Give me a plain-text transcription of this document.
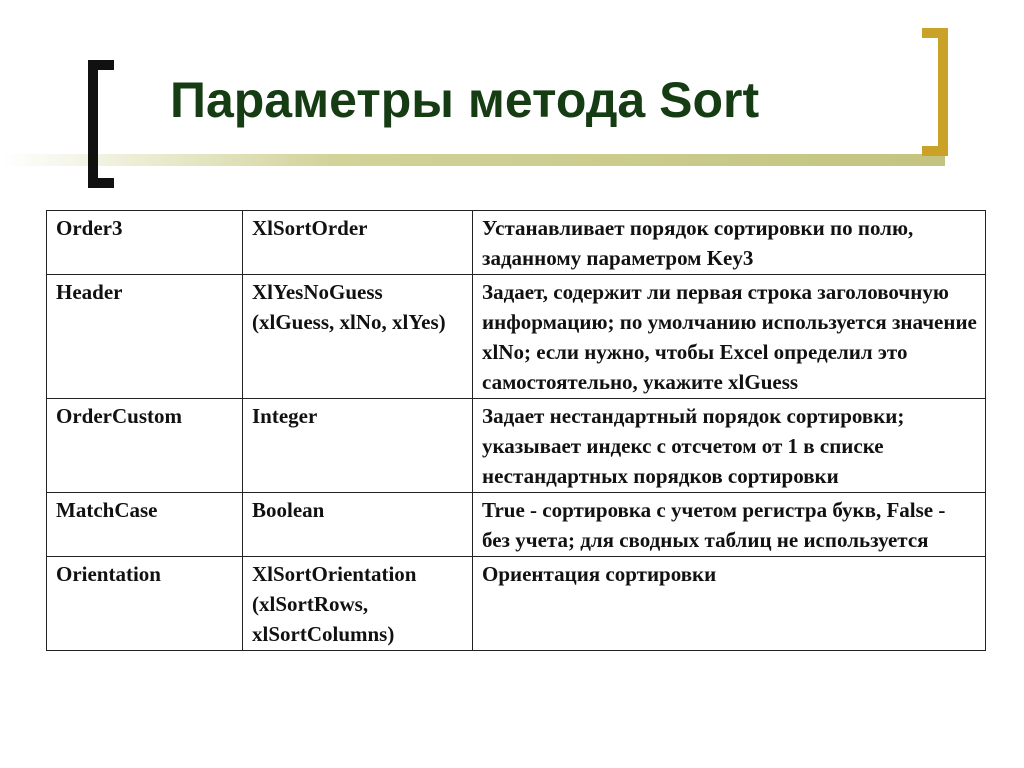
Параметры метода Sort
Order3	XlSortOrder	Устанавливает порядок сортировки по полю, заданному параметром Key3
Header	XlYesNoGuess (xlGuess, xlNo, xlYes)	Задает, содержит ли первая строка заголовочную информацию; по умолчанию используется значение xlNo; если нужно, чтобы Excel определил это самостоятельно, укажите xlGuess
OrderCustom	Integer	Задает нестандартный порядок сортировки; указывает индекс с отсчетом от 1 в списке нестандартных порядков сортировки
MatchCase	Boolean	True - сортировка с учетом регистра букв, False - без учета; для сводных таблиц не используется
Orientation	XlSortOrientation (xlSortRows, xlSortColumns)	Ориентация сортировки
